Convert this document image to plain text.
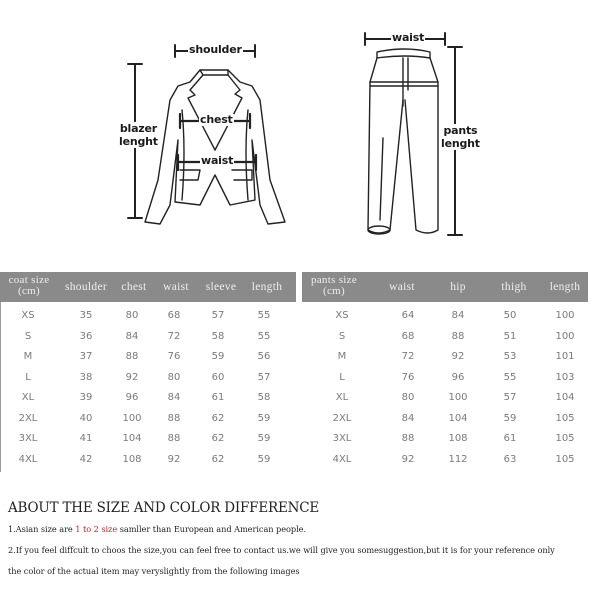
shoulder
chest
waist
blazer
lenght
waist
pants
lenght
coat size
(cm)	shoulder	chest	waist	sleeve	length
XS	35	80	68	57	55
S	36	84	72	58	55
M	37	88	76	59	56
L	38	92	80	60	57
XL	39	96	84	61	58
2XL	40	100	88	62	59
3XL	41	104	88	62	59
4XL	42	108	92	62	59
pants size
(cm)	waist	hip	thigh	length
XS	64	84	50	100
S	68	88	51	100
M	72	92	53	101
L	76	96	55	103
XL	80	100	57	104
2XL	84	104	59	105
3XL	88	108	61	105
4XL	92	112	63	105
ABOUT THE SIZE AND COLOR DIFFERENCE
1.Asian size are 1 to 2 size samller than European and American people.
2.If you feel diffcult to choos the size,you can feel free to contact us.we will give you somesuggestion,but it is for your reference only
the color of the actual item may veryslightly from the following images
